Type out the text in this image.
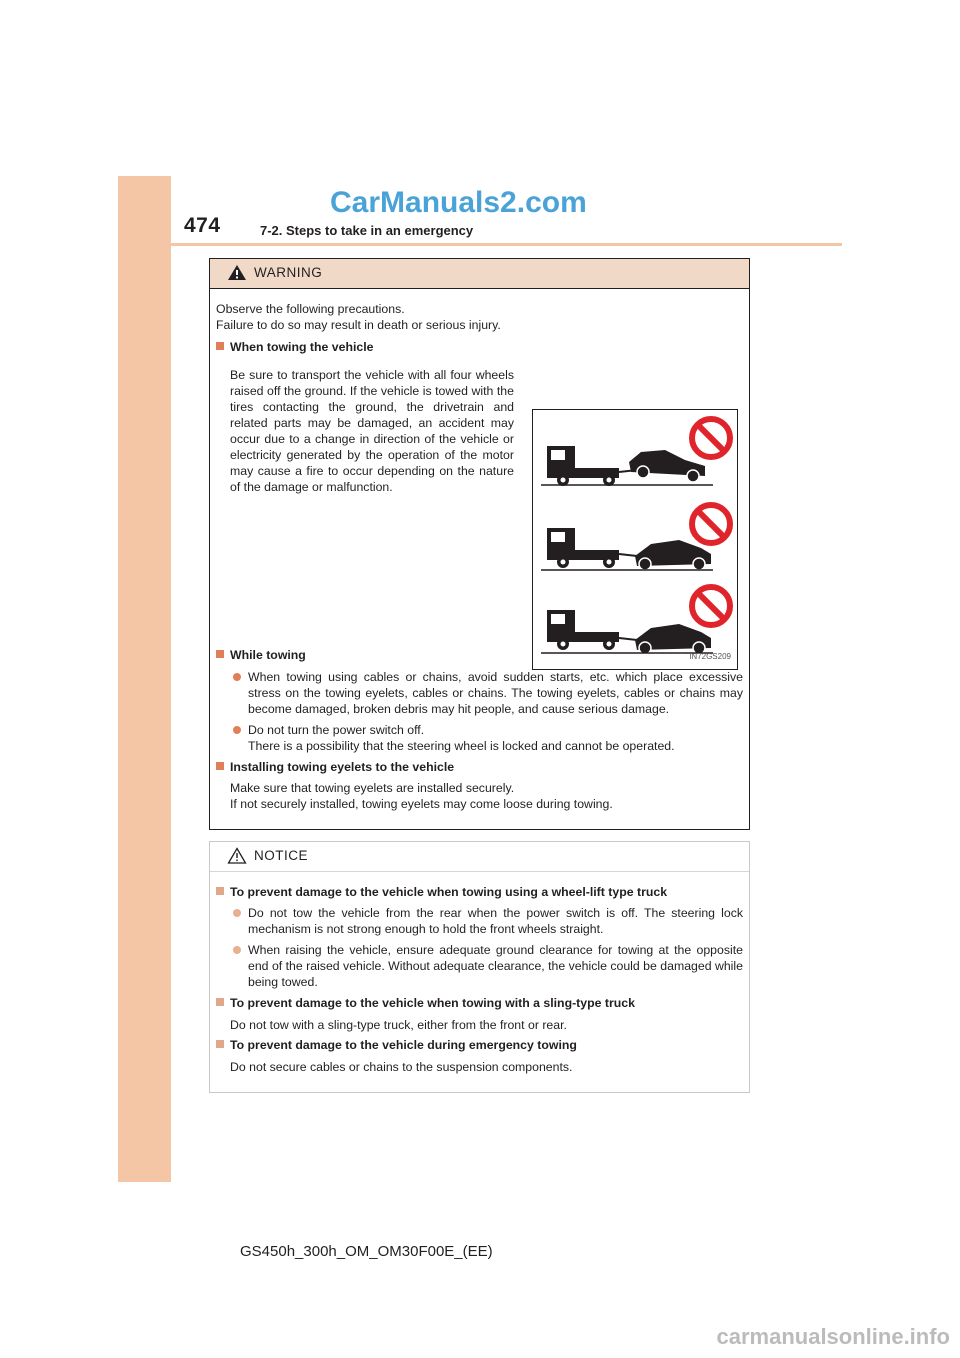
474	7-2. Steps to take in an emergency
CarManuals2.com
WARNING
Observe the following precautions.
Failure to do so may result in death or serious injury.
When towing the vehicle
Be sure to transport the vehicle with all four wheels raised off the ground. If the vehicle is towed with the tires contacting the ground, the drivetrain and related parts may be damaged, an accident may occur due to a change in direction of the vehicle or electricity generated by the operation of the motor may cause a fire to occur depending on the nature of the damage or malfunction.
IN72GS209
While towing
When towing using cables or chains, avoid sudden starts, etc. which place excessive stress on the towing eyelets, cables or chains. The towing eyelets, cables or chains may become damaged, broken debris may hit people, and cause serious damage.
Do not turn the power switch off.
There is a possibility that the steering wheel is locked and cannot be operated.
Installing towing eyelets to the vehicle
Make sure that towing eyelets are installed securely.
If not securely installed, towing eyelets may come loose during towing.
NOTICE
To prevent damage to the vehicle when towing using a wheel-lift type truck
Do not tow the vehicle from the rear when the power switch is off. The steering lock mechanism is not strong enough to hold the front wheels straight.
When raising the vehicle, ensure adequate ground clearance for towing at the opposite end of the raised vehicle. Without adequate clearance, the vehicle could be damaged while being towed.
To prevent damage to the vehicle when towing with a sling-type truck
Do not tow with a sling-type truck, either from the front or rear.
To prevent damage to the vehicle during emergency towing
Do not secure cables or chains to the suspension components.
GS450h_300h_OM_OM30F00E_(EE)
carmanualsonline.info
